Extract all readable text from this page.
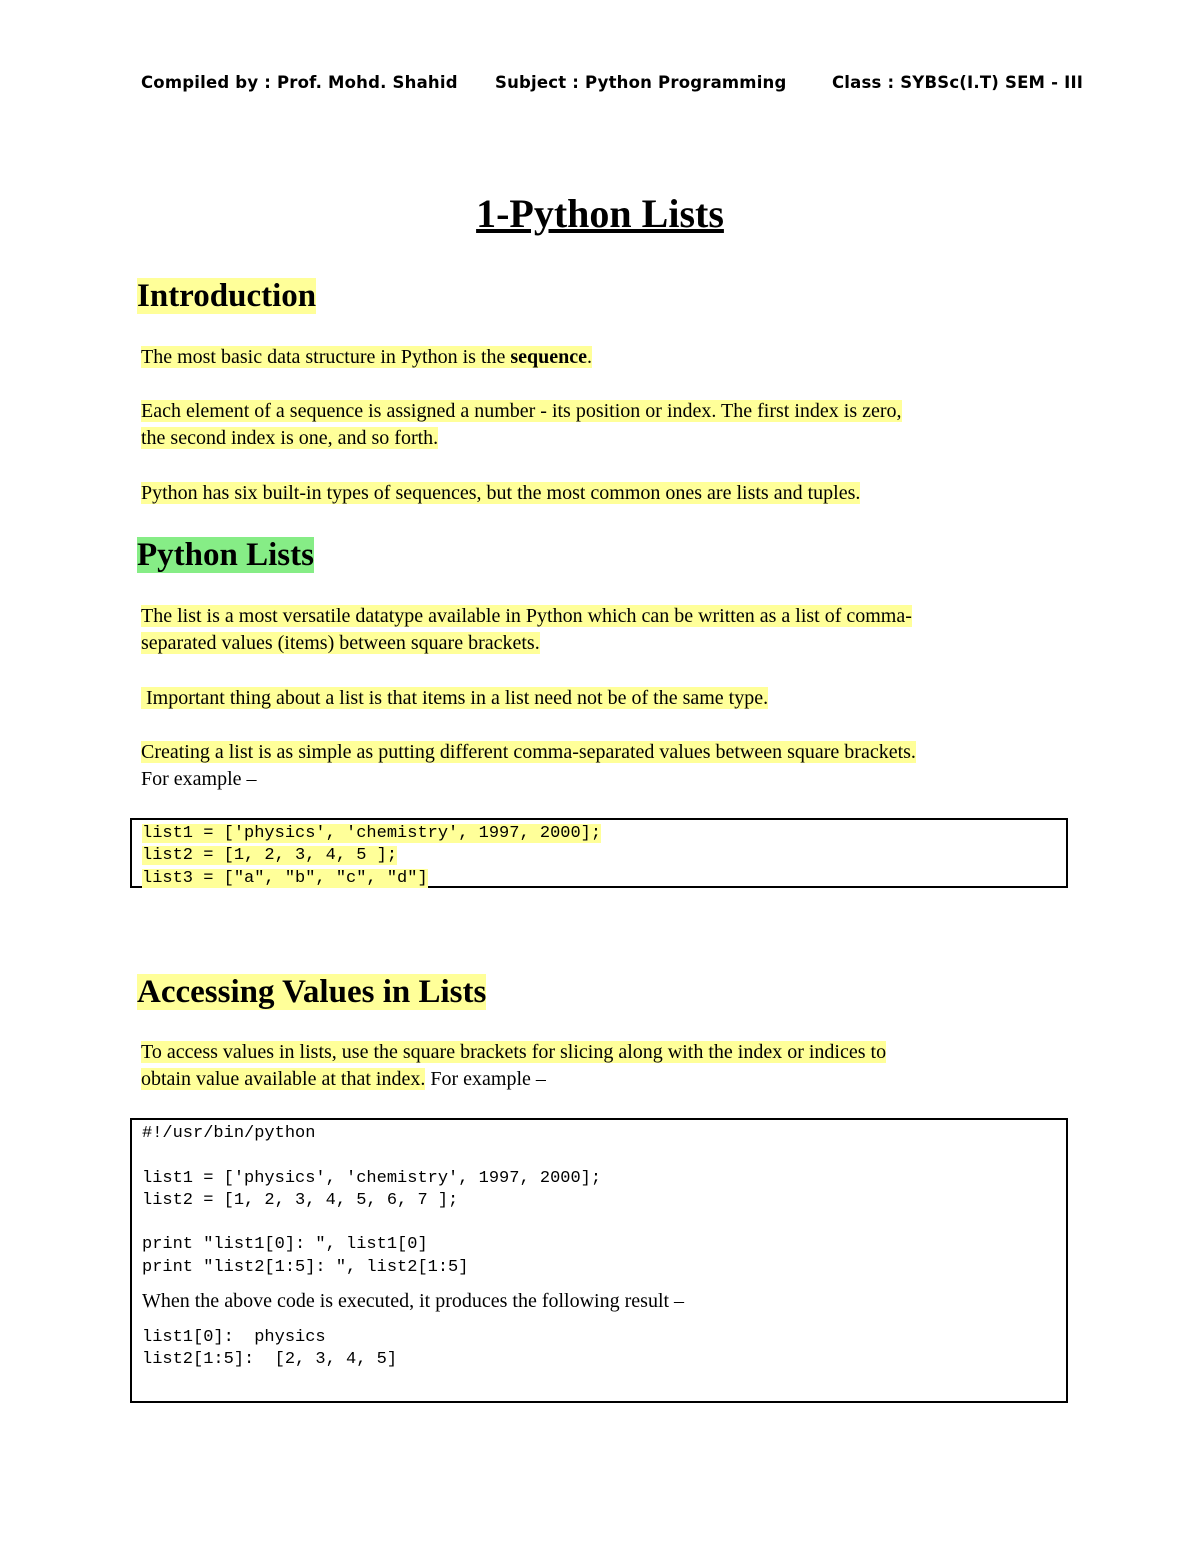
Compiled by : Prof. Mohd. Shahid Subject : Python Programming	Class : SYBSc(I.T) SEM - III
1-Python Lists
Introduction
The most basic data structure in Python is the sequence.
Each element of a sequence is assigned a number - its position or index. The first index is zero,
the second index is one, and so forth.
Python has six built-in types of sequences, but the most common ones are lists and tuples.
Python Lists
The list is a most versatile datatype available in Python which can be written as a list of comma-
separated values (items) between square brackets.
Important thing about a list is that items in a list need not be of the same type.
Creating a list is as simple as putting different comma-separated values between square brackets.
For example –
list1 = ['physics', 'chemistry', 1997, 2000];
list2 = [1, 2, 3, 4, 5 ];
list3 = ["a", "b", "c", "d"]
Accessing Values in Lists
To access values in lists, use the square brackets for slicing along with the index or indices to
obtain value available at that index. For example –
#!/usr/bin/python

list1 = ['physics', 'chemistry', 1997, 2000];
list2 = [1, 2, 3, 4, 5, 6, 7 ];

print "list1[0]: ", list1[0]
print "list2[1:5]: ", list2[1:5]

When the above code is executed, it produces the following result –

list1[0]:  physics
list2[1:5]:  [2, 3, 4, 5]
